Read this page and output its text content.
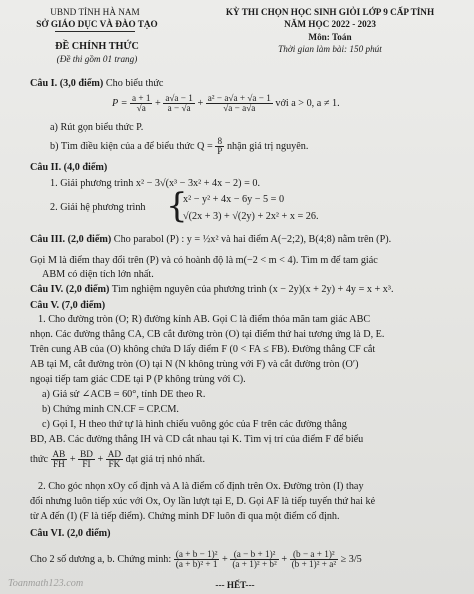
UBND TỈNH HÀ NAM
SỞ GIÁO DỤC VÀ ĐÀO TẠO
ĐỀ CHÍNH THỨC
(Đề thi gồm 01 trang)
KỲ THI CHỌN HỌC SINH GIỎI LỚP 9 CẤP TỈNH
NĂM HỌC 2022 - 2023
Môn: Toán
Thời gian làm bài: 150 phút
Câu I. (3,0 điểm) Cho biểu thức
$P = \frac{a + 1}{√a} + \frac{a√a - 1}{a - √a} + \frac{\text{a² − a√a + √a − 1}}{√a - a√a}$ với a > 0, a ≠ 1.
a) Rút gọn biểu thức P.
b) Tìm điều kiện của a để biểu thức $Q = \frac{8}{P}$ nhận giá trị nguyên.
Câu II. (4,0 điểm)
1. Giải phương trình x² − 3√(x³ − 3x² + 4x − 2) = 0.
2. Giải hệ phương trình {
x² − y² + 4x − 6y − 5 = 0
√(2x + 3) + √(2y) + 2x² + x = 26.
Câu III. (2,0 điểm) Cho parabol (P) : y = ½x² và hai điểm A(−2;2), B(4;8) nằm trên (P).
Gọi M là điểm thay đổi trên (P) và có hoành độ là m(−2 < m < 4). Tìm m để tam giác
ABM có diện tích lớn nhất.
Câu IV. (2,0 điểm) Tìm nghiệm nguyên của phương trình (x − 2y)(x + 2y) + 4y = x + x³.
Câu V. (7,0 điểm)
1. Cho đường tròn (O; R) đường kính AB. Gọi C là điểm thỏa mãn tam giác ABC
nhọn. Các đường thẳng CA, CB cắt đường tròn (O) tại điểm thứ hai tương ứng là D, E.
Trên cung AB của (O) không chứa D lấy điểm F (0 < FA ≤ FB). Đường thẳng CF cắt
AB tại M, cắt đường tròn (O) tại N (N không trùng với F) và cắt đường tròn (O′)
ngoại tiếp tam giác CDE tại P (P không trùng với C).
a) Giả sử ∠ACB = 60°, tính DE theo R.
b) Chứng minh CN.CF = CP.CM.
c) Gọi I, H theo thứ tự là hình chiếu vuông góc của F trên các đường thẳng
BD, AB. Các đường thẳng IH và CD cắt nhau tại K. Tìm vị trí của điểm F để biểu
thức $\frac{AB}{FH} + \frac{BD}{FI} + \frac{AD}{FK}$ đạt giá trị nhỏ nhất.
2. Cho góc nhọn xOy cố định và A là điểm cố định trên Ox. Đường tròn (I) thay
đổi nhưng luôn tiếp xúc với Ox, Oy lần lượt tại E, D. Gọi AF là tiếp tuyến thứ hai kẻ
từ A đến (I) (F là tiếp điểm). Chứng minh DF luôn đi qua một điểm cố định.
Câu VI. (2,0 điểm)
Cho 2 số dương a, b. Chứng minh: $\frac{\text{(a + b − 1)²}}{\text{(a + b)² + 1}} + \frac{\text{(a − b + 1)²}}{\text{(a + 1)² + b²}} + \frac{\text{(b − a + 1)²}}{\text{(b + 1)² + a²}} \ge 3/5$
--- HẾT---
Toanmath123.com
